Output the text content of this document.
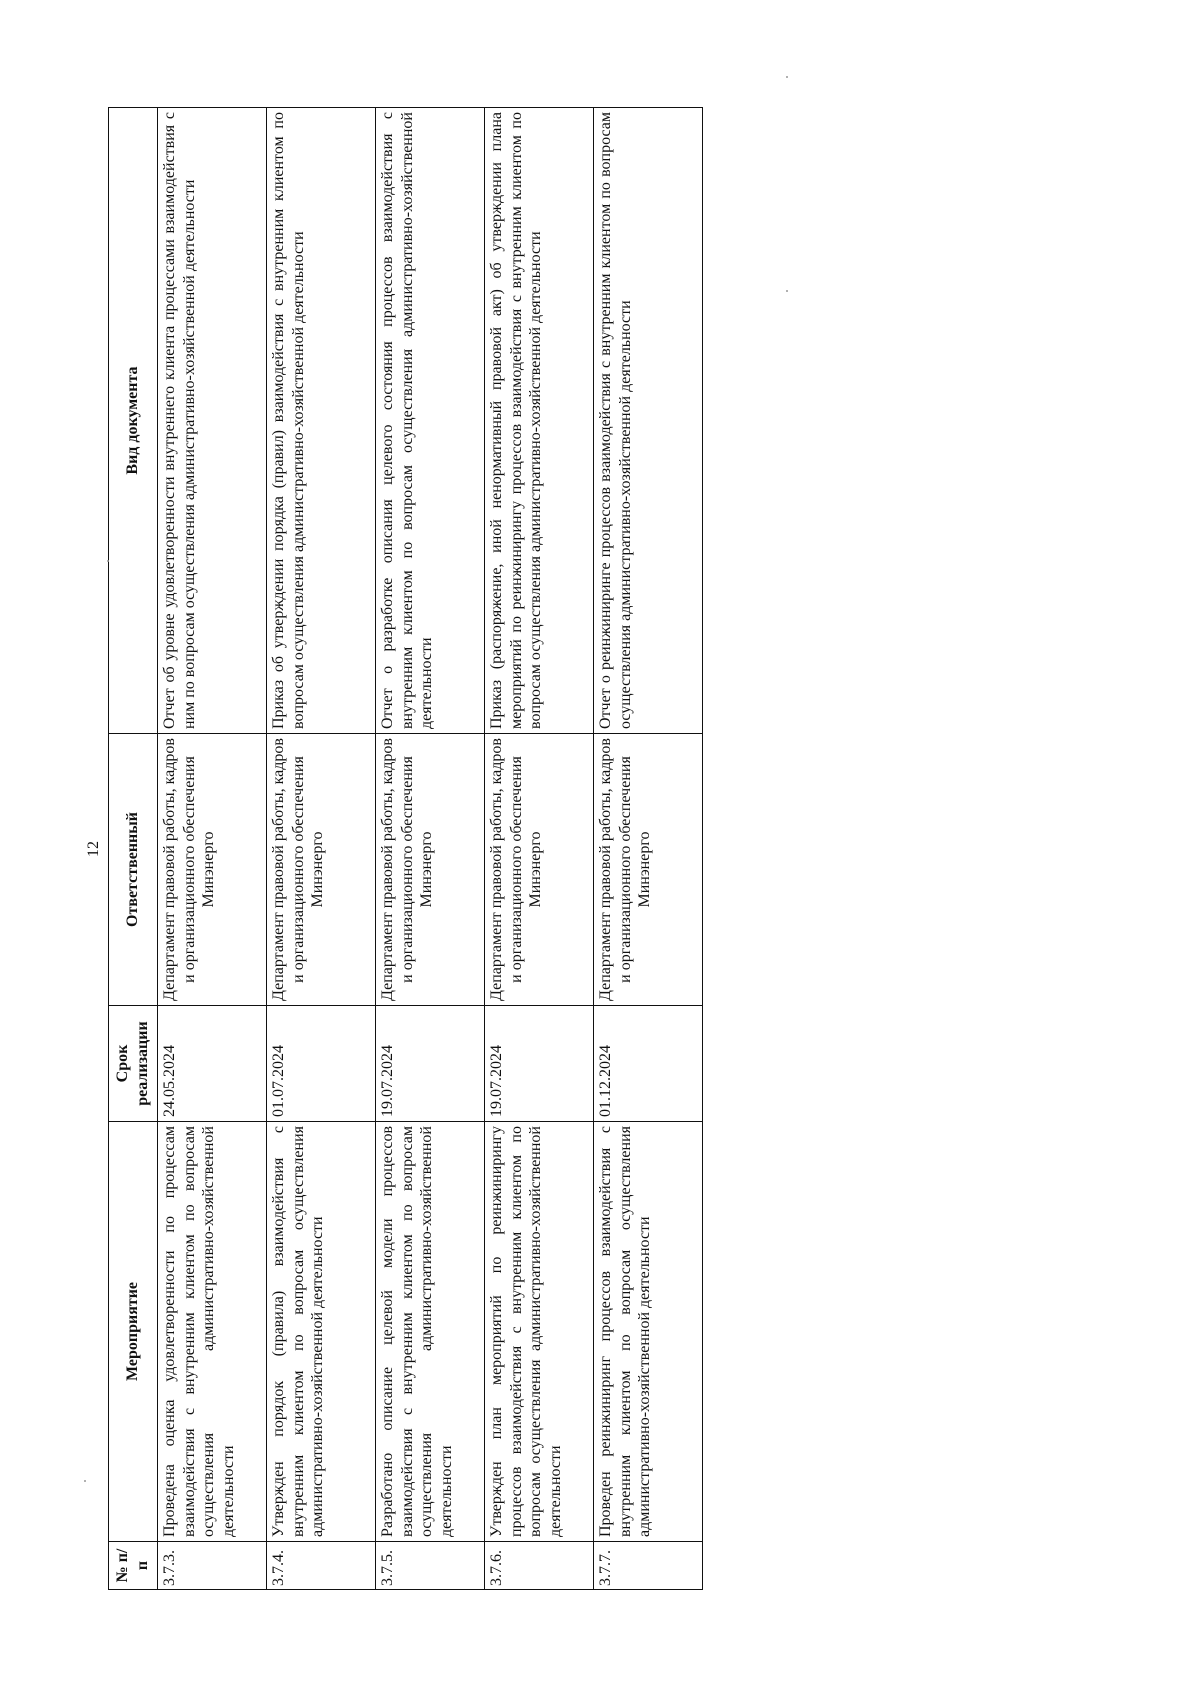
12
№ п/п	Мероприятие	Срок реализации	Ответственный	Вид документа
3.7.3.	Проведена оценка удовлетворенности по процессам взаимодействия с внутренним клиентом по вопросам осуществления административно-хозяйственной деятельности	24.05.2024	Департамент правовой работы, кадров и организационного обеспечения Минэнерго	Отчет об уровне удовлетворенности внутреннего клиента процессами взаимодействия с ним по вопросам осуществления административно-хозяйственной деятельности
3.7.4.	Утвержден порядок (правила) взаимодействия с внутренним клиентом по вопросам осуществления административно-хозяйственной деятельности	01.07.2024	Департамент правовой работы, кадров и организационного обеспечения Минэнерго	Приказ об утверждении порядка (правил) взаимодействия с внутренним клиентом по вопросам осуществления административно-хозяйственной деятельности
3.7.5.	Разработано описание целевой модели процессов взаимодействия с внутренним клиентом по вопросам осуществления административно-хозяйственной деятельности	19.07.2024	Департамент правовой работы, кадров и организационного обеспечения Минэнерго	Отчет о разработке описания целевого состояния процессов взаимодействия с внутренним клиентом по вопросам осуществления административно-хозяйственной деятельности
3.7.6.	Утвержден план мероприятий по реинжинирингу процессов взаимодействия с внутренним клиентом по вопросам осуществления административно-хозяйственной деятельности	19.07.2024	Департамент правовой работы, кадров и организационного обеспечения Минэнерго	Приказ (распоряжение, иной ненормативный правовой акт) об утверждении плана мероприятий по реинжинирингу процессов взаимодействия с внутренним клиентом по вопросам осуществления административно-хозяйственной деятельности
3.7.7.	Проведен реинжиниринг процессов взаимодействия с внутренним клиентом по вопросам осуществления административно-хозяйственной деятельности	01.12.2024	Департамент правовой работы, кадров и организационного обеспечения Минэнерго	Отчет о реинжиниринге процессов взаимодействия с внутренним клиентом по вопросам осуществления административно-хозяйственной деятельности
